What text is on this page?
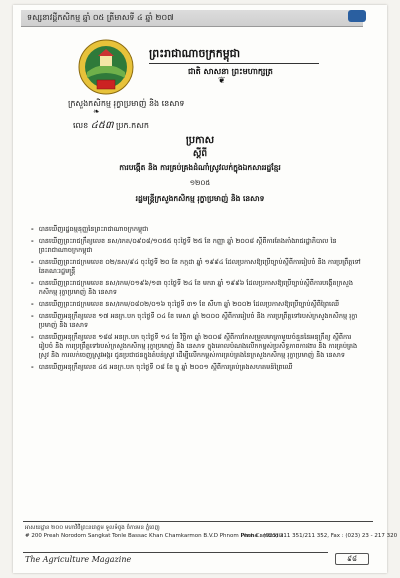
ទស្សនាវដ្ដីកសិកម្ម ឆ្នាំ ០៥ ត្រីមាសទី ៤ ឆ្នាំ ២០៧
ព្រះរាជាណាចក្រកម្ពុជា
ជាតិ សាសនា ព្រះមហាក្សត្រ
❦
ក្រសួងកសិកម្ម រុក្ខាប្រមាញ់ និង នេសាទ
❧
លេខ ៤៥៣ ប្រក.កសក
ប្រកាស
ស្ដីពី
ការបង្កើត និង ការគ្រប់គ្រងដំណាំស្រូវលក់ក្នុងឯកសាររដ្ឋខ្មែរ
១២០៥
រដ្ឋមន្ត្រីក្រសួងកសិកម្ម រុក្ខាប្រមាញ់ និង នេសាទ
- បានឃើញរដ្ឋធម្មនុញ្ញនៃព្រះរាជាណាចក្រកម្ពុជា
- បានឃើញព្រះរាជក្រឹត្យលេខ នស/រកត/០៩០៨/១០៥៥ ចុះថ្ងៃទី ២៥ ខែ កញ្ញា ឆ្នាំ ២០០៨ ស្ដីពីការតែងតាំងរាជរដ្ឋាភិបាល នៃព្រះរាជាណាចក្រកម្ពុជា
- បានឃើញព្រះរាជក្រមលេខ ០២/នស/៩៤ ចុះថ្ងៃទី ២០ ខែ កក្កដា ឆ្នាំ ១៩៩៤ ដែលប្រកាសឱ្យប្រើច្បាប់ស្ដីពីការរៀបចំ និង ការប្រព្រឹត្តទៅនៃគណៈរដ្ឋមន្ត្រី
- បានឃើញព្រះរាជក្រមលេខ នស/រកម/០១៩៦/១៣ ចុះថ្ងៃទី ២៤ ខែ មករា ឆ្នាំ ១៩៩៦ ដែលប្រកាសឱ្យប្រើច្បាប់ស្ដីពីការបង្កើតក្រសួងកសិកម្ម រុក្ខាប្រមាញ់ និង នេសាទ
- បានឃើញព្រះរាជក្រមលេខ នស/រកម/០៨០២/០១៦ ចុះថ្ងៃទី ៣១ ខែ សីហា ឆ្នាំ ២០០២ ដែលប្រកាសឱ្យប្រើច្បាប់ស្ដីពីព្រៃឈើ
- បានឃើញអនុក្រឹត្យលេខ ១៧ អនក្រ.បក ចុះថ្ងៃទី ០៤ ខែ មេសា ឆ្នាំ ២០០០ ស្ដីពីការរៀបចំ និង ការប្រព្រឹត្តទៅរបស់ក្រសួងកសិកម្ម រុក្ខាប្រមាញ់ និង នេសាទ
- បានឃើញអនុក្រឹត្យលេខ ១៨៨ អនក្រ.បក ចុះថ្ងៃទី ១៤ ខែ វិច្ឆិកា ឆ្នាំ ២០០៨ ស្ដីពីការកែសម្រួលមាត្រាមួយចំនួននៃអនុក្រឹត្យ ស្ដីពីការរៀបចំ និង ការប្រព្រឹត្តទៅរបស់ក្រសួងកសិកម្ម រុក្ខាប្រមាញ់ និង នេសាទ ក្នុងគោលបំណងលើកកម្ពស់ប្រសិទ្ធភាពការងារ និង ការគ្រប់គ្រងស្រូវ និង ការលក់ចេញស្រូវអង្ករ ជូនប្រជាជនក្នុងតំបន់ស្រូវ ដើម្បីលើកកម្ពស់ការគ្រប់គ្រងនៃក្រសួងកសិកម្ម រុក្ខាប្រមាញ់ និង នេសាទ
- បានឃើញអនុក្រឹត្យលេខ ៤៥ អនក្រ.បក ចុះថ្ងៃទី ០៨ ខែ ធ្នូ ឆ្នាំ ២០០១ ស្ដីពីការគ្រប់គ្រងសហគមន៍ព្រៃឈើ
អាសយដ្ឋាន ២០០ មហាវិថីព្រះនរោត្ដម ទួលទំពូង ចំការមន ភ្នំពេញ
# 200 Preah Norodom Sangkat Tonle Bassac Khan Chamkarmon B.V.D Phnom Penh Cambodia
Phone : (023) 211 351/211 352, Fax : (023) 23 - 217 320
The Agriculture Magazine	៩៨
